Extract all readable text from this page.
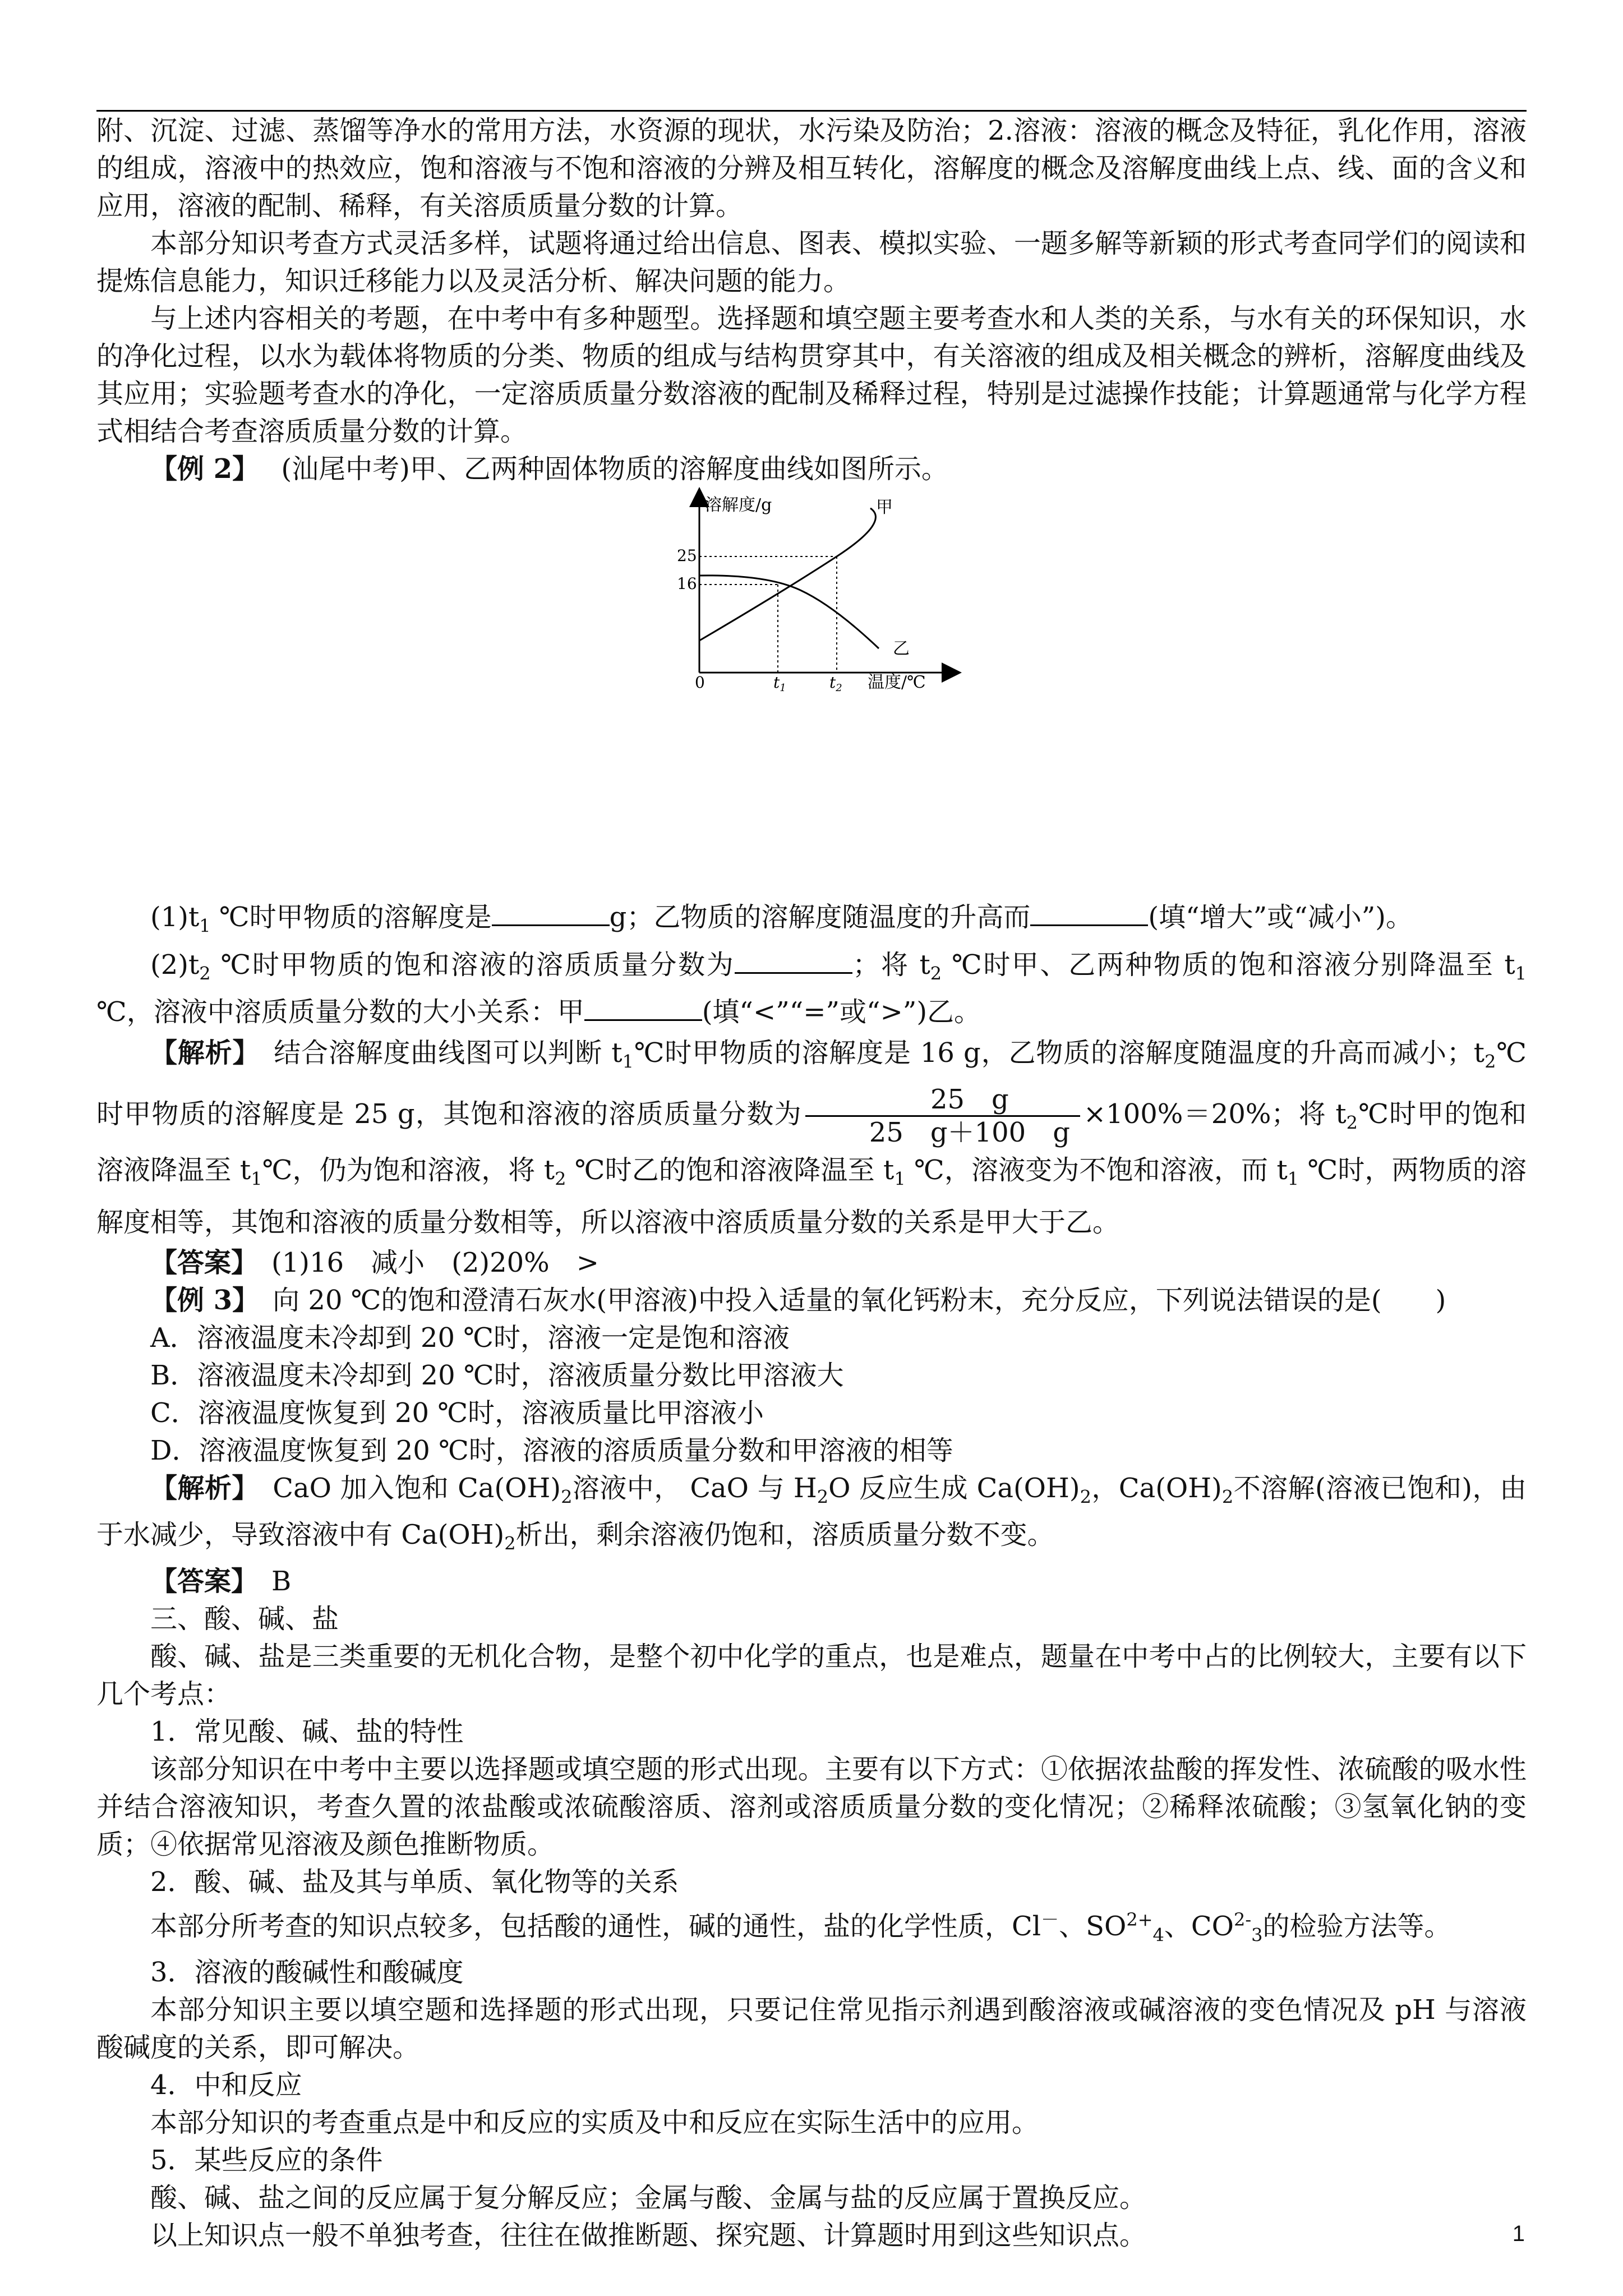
附、沉淀、过滤、蒸馏等净水的常用方法，水资源的现状，水污染及防治；2.溶液：溶液的概念及特征，乳化作用，溶液的组成，溶液中的热效应，饱和溶液与不饱和溶液的分辨及相互转化，溶解度的概念及溶解度曲线上点、线、面的含义和应用，溶液的配制、稀释，有关溶质质量分数的计算。

本部分知识考查方式灵活多样，试题将通过给出信息、图表、模拟实验、一题多解等新颖的形式考查同学们的阅读和提炼信息能力，知识迁移能力以及灵活分析、解决问题的能力。

与上述内容相关的考题，在中考中有多种题型。选择题和填空题主要考查水和人类的关系，与水有关的环保知识，水的净化过程，以水为载体将物质的分类、物质的组成与结构贯穿其中，有关溶液的组成及相关概念的辨析，溶解度曲线及其应用；实验题考查水的净化，一定溶质质量分数溶液的配制及稀释过程，特别是过滤操作技能；计算题通常与化学方程式相结合考查溶质质量分数的计算。

【例 2】　 (汕尾中考)甲、乙两种固体物质的溶解度曲线如图所示。

溶解度/g
温度/℃
0
25
16
$t_1$	$t_2$
甲
乙

$(1)t_1$ ℃时甲物质的溶解度是	g；乙物质的溶解度随温度的升高而	(填“增大”或“减小”)。

$(2)t_2$ ℃时甲物质的饱和溶液的溶质质量分数为	；将 $t_2$ ℃时甲、乙两种物质的饱和溶液分别降温至 $t_1$ ℃，溶液中溶质质量分数的大小关系：甲	(填“<”“=”或“>”)乙。

【解析】　 结合溶解度曲线图可以判断 $t_1℃$时甲物质的溶解度是 16 g，乙物质的溶解度随温度的升高而减小；$t_2℃$时甲物质的溶解度是 25 g，其饱和溶液的溶质质量分数为 $\frac{25 g}{25 g+100 g} \times 100\%=20\%$；将 $t_2℃$时甲的饱和溶液降温至 $t_1℃$，仍为饱和溶液，将 $t_2$ ℃时乙的饱和溶液降温至 $t_1$ ℃，溶液变为不饱和溶液，而 $t_1$ ℃时，两物质的溶解度相等，其饱和溶液的质量分数相等，所以溶液中溶质质量分数的关系是甲大于乙。

【答案】　 (1)16　减小　(2)20%　>

【例 3】　 向 20 ℃的饱和澄清石灰水(甲溶液)中投入适量的氧化钙粉末，充分反应，下列说法错误的是(　　)

A．溶液温度未冷却到 20 ℃时，溶液一定是饱和溶液

B．溶液温度未冷却到 20 ℃时，溶液质量分数比甲溶液大

C．溶液温度恢复到 20 ℃时，溶液质量比甲溶液小

D．溶液温度恢复到 20 ℃时，溶液的溶质质量分数和甲溶液的相等

【解析】　 CaO 加入饱和 $Ca(OH)_2$溶液中， CaO 与 $H_2O$ 反应生成 $Ca(OH)_2$，$Ca(OH)_2$不溶解(溶液已饱和)，由于水减少，导致溶液中有 $Ca(OH)_2$析出，剩余溶液仍饱和，溶质质量分数不变。

【答案】　 B

三、酸、碱、盐

酸、碱、盐是三类重要的无机化合物，是整个初中化学的重点，也是难点，题量在中考中占的比例较大，主要有以下几个考点：

1．常见酸、碱、盐的特性

该部分知识在中考中主要以选择题或填空题的形式出现。主要有以下方式：①依据浓盐酸的挥发性、浓硫酸的吸水性并结合溶液知识，考查久置的浓盐酸或浓硫酸溶质、溶剂或溶质质量分数的变化情况；②稀释浓硫酸；③氢氧化钠的变质；④依据常见溶液及颜色推断物质。

2．酸、碱、盐及其与单质、氧化物等的关系

本部分所考查的知识点较多，包括酸的通性，碱的通性，盐的化学性质，Cl－、$SO^{2+}_4$、$CO^{2-}_3$的检验方法等。

3．溶液的酸碱性和酸碱度

本部分知识主要以填空题和选择题的形式出现，只要记住常见指示剂遇到酸溶液或碱溶液的变色情况及 pH 与溶液酸碱度的关系，即可解决。

4．中和反应

本部分知识的考查重点是中和反应的实质及中和反应在实际生活中的应用。

5．某些反应的条件

酸、碱、盐之间的反应属于复分解反应；金属与酸、金属与盐的反应属于置换反应。

以上知识点一般不单独考查，往往在做推断题、探究题、计算题时用到这些知识点。	1
